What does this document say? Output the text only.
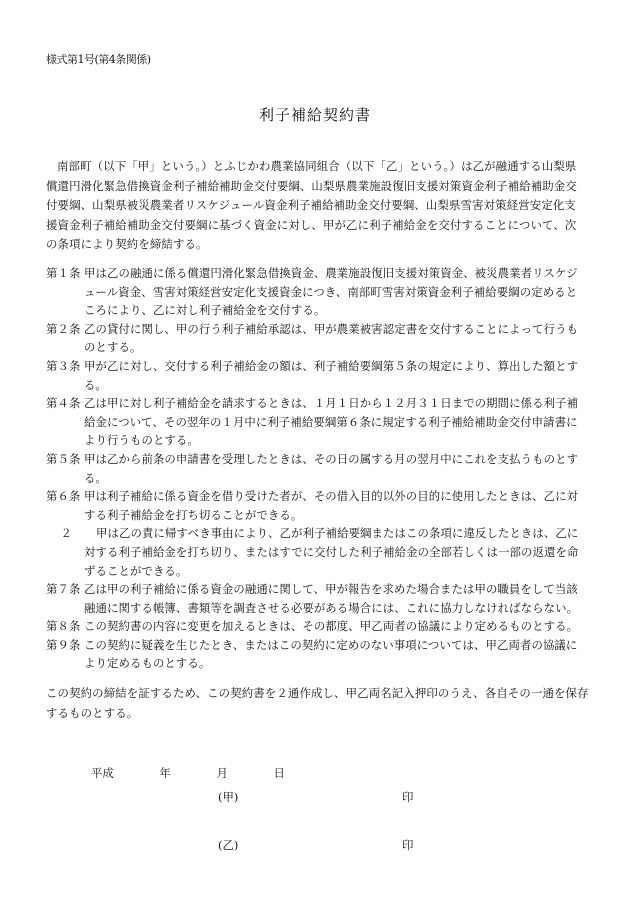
様式第1号(第4条関係)
利子補給契約書

南部町（以下「甲」という。）とふじかわ農業協同組合（以下「乙」という。）は乙が融通する山梨県償還円滑化緊急借換資金利子補給補助金交付要綱、山梨県農業施設復旧支援対策資金利子補給補助金交付要綱、山梨県被災農業者リスケジュール資金利子補給補助金交付要綱、山梨県雪害対策経営安定化支援資金利子補給補助金交付要綱に基づく資金に対し、甲が乙に利子補給金を交付することについて、次の条項により契約を締結する。

第１条 甲は乙の融通に係る償還円滑化緊急借換資金、農業施設復旧支援対策資金、被災農業者リスケジュール資金、雪害対策経営安定化支援資金につき、南部町雪害対策資金利子補給要綱の定めるところにより、乙に対し利子補給金を交付する。
第２条 乙の貸付に関し、甲の行う利子補給承認は、甲が農業被害認定書を交付することによって行うものとする。
第３条 甲が乙に対し、交付する利子補給金の額は、利子補給要綱第５条の規定により、算出した額とする。
第４条 乙は甲に対し利子補給金を請求するときは、１月１日から１２月３１日までの期間に係る利子補給金について、その翌年の１月中に利子補給要綱第６条に規定する利子補給補助金交付申請書により行うものとする。
第５条 甲は乙から前条の申請書を受理したときは、その日の属する月の翌月中にこれを支払うものとする。
第６条 甲は利子補給に係る資金を借り受けた者が、その借入目的以外の目的に使用したときは、乙に対する利子補給金を打ち切ることができる。
２	甲は乙の責に帰すべき事由により、乙が利子補給要綱またはこの条項に違反したときは、乙に対する利子補給金を打ち切り、またはすでに交付した利子補給金の全部若しくは一部の返還を命ずることができる。
第７条 乙は甲の利子補給に係る資金の融通に関して、甲が報告を求めた場合または甲の職員をして当該融通に関する帳簿、書類等を調査させる必要がある場合には、これに協力しなければならない。
第８条 この契約書の内容に変更を加えるときは、その都度、甲乙両者の協議により定めるものとする。
第９条 この契約に疑義を生じたとき、またはこの契約に定めのない事項については、甲乙両者の協議により定めるものとする。

この契約の締結を証するため、この契約書を２通作成し、甲乙両名記入押印のうえ、各自その一通を保存するものとする。

平成	年	月	日
(甲)	印
(乙)	印
